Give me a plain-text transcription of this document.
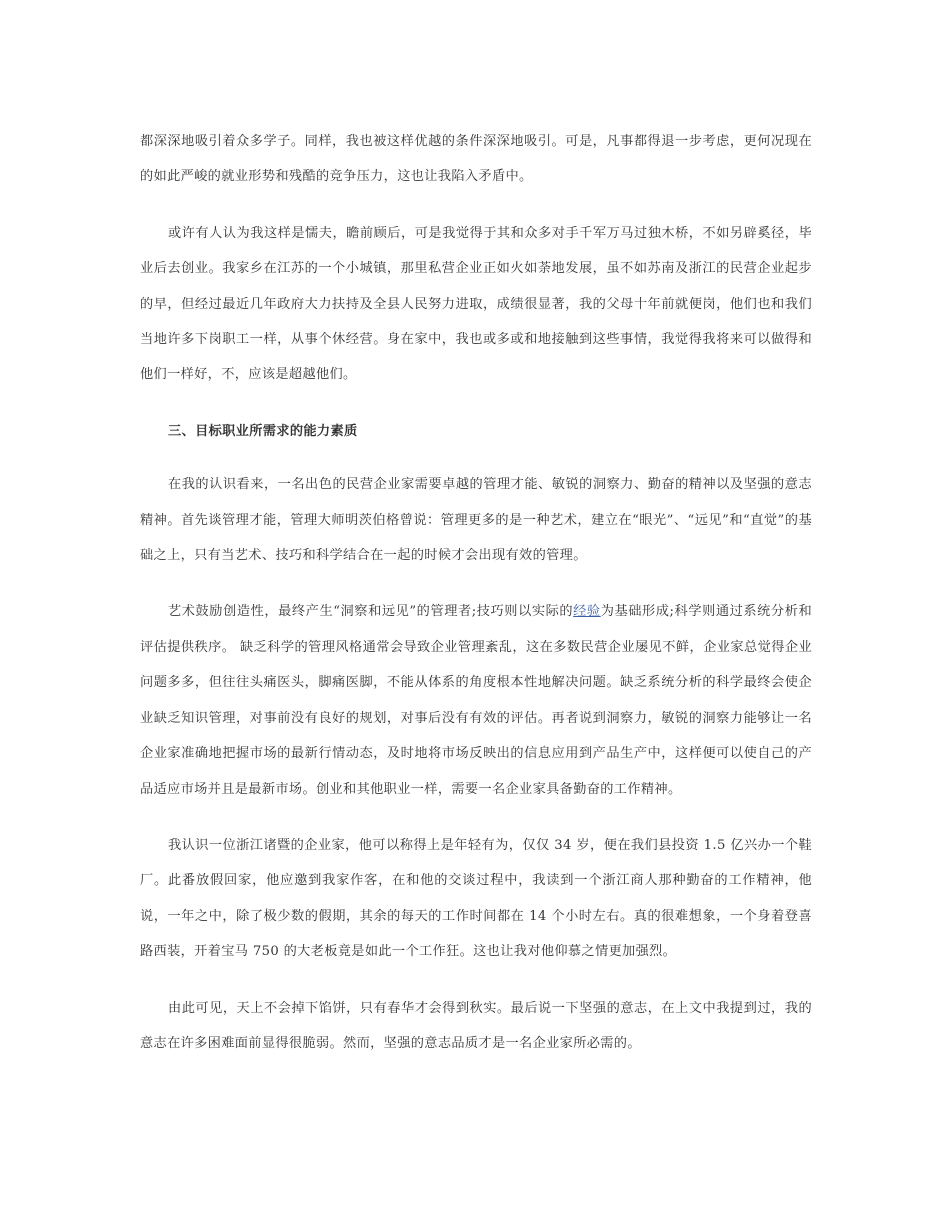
都深深地吸引着众多学子。同样，我也被这样优越的条件深深地吸引。可是，凡事都得退一步考虑，更何况现在的如此严峻的就业形势和残酷的竞争压力，这也让我陷入矛盾中。

或许有人认为我这样是懦夫，瞻前顾后，可是我觉得于其和众多对手千军万马过独木桥，不如另辟奚径，毕业后去创业。我家乡在江苏的一个小城镇，那里私营企业正如火如荼地发展，虽不如苏南及浙江的民营企业起步的早，但经过最近几年政府大力扶持及全县人民努力进取，成绩很显著，我的父母十年前就便岗，他们也和我们当地许多下岗职工一样，从事个休经营。身在家中，我也或多或和地接触到这些事情，我觉得我将来可以做得和他们一样好，不，应该是超越他们。

三、目标职业所需求的能力素质

在我的认识看来，一名出色的民营企业家需要卓越的管理才能、敏锐的洞察力、勤奋的精神以及坚强的意志精神。首先谈管理才能，管理大师明茨伯格曾说：管理更多的是一种艺术，建立在“眼光”、“远见”和“直觉”的基础之上，只有当艺术、技巧和科学结合在一起的时候才会出现有效的管理。

艺术鼓励创造性，最终产生“洞察和远见”的管理者;技巧则以实际的经验为基础形成;科学则通过系统分析和评估提供秩序。 缺乏科学的管理风格通常会导致企业管理紊乱，这在多数民营企业屡见不鲜，企业家总觉得企业问题多多，但往往头痛医头，脚痛医脚，不能从体系的角度根本性地解决问题。缺乏系统分析的科学最终会使企业缺乏知识管理，对事前没有良好的规划，对事后没有有效的评估。再者说到洞察力，敏锐的洞察力能够让一名企业家准确地把握市场的最新行情动态，及时地将市场反映出的信息应用到产品生产中，这样便可以使自己的产品适应市场并且是最新市场。创业和其他职业一样，需要一名企业家具备勤奋的工作精神。

我认识一位浙江诸暨的企业家，他可以称得上是年轻有为，仅仅 34 岁，便在我们县投资 1.5 亿兴办一个鞋厂。此番放假回家，他应邀到我家作客，在和他的交谈过程中，我读到一个浙江商人那种勤奋的工作精神，他说，一年之中，除了极少数的假期，其余的每天的工作时间都在 14 个小时左右。真的很难想象，一个身着登喜路西装，开着宝马 750 的大老板竟是如此一个工作狂。这也让我对他仰慕之情更加强烈。

由此可见，天上不会掉下馅饼，只有春华才会得到秋实。最后说一下坚强的意志，在上文中我提到过，我的意志在许多困难面前显得很脆弱。然而，坚强的意志品质才是一名企业家所必需的。
